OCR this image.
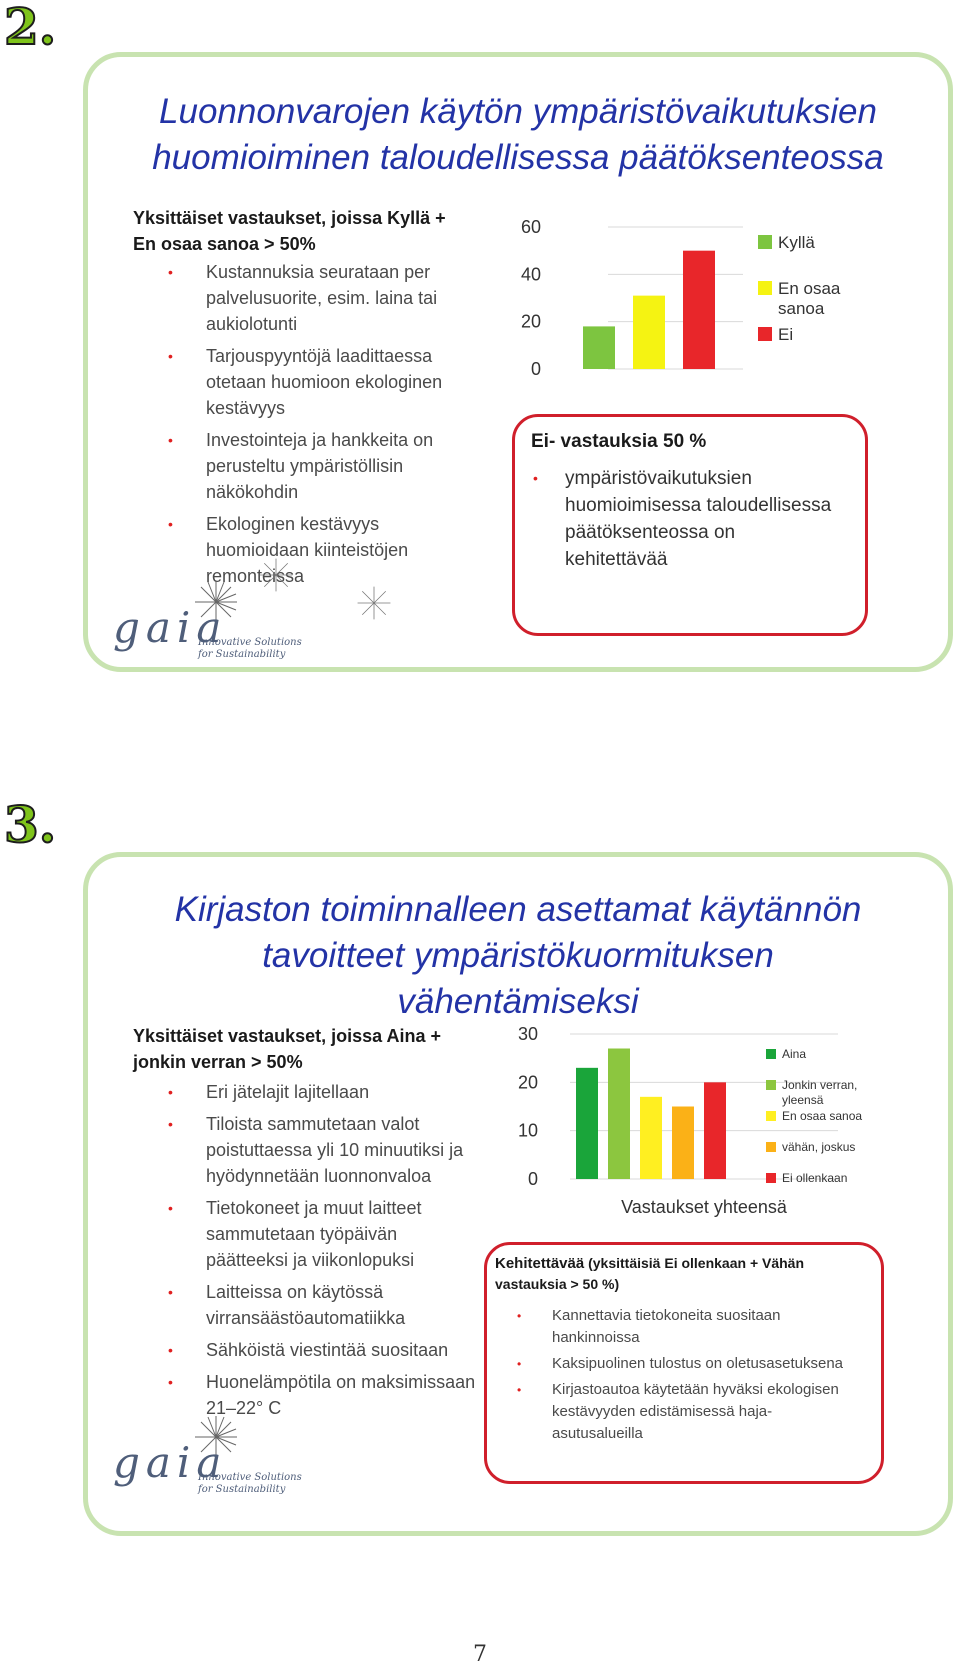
2.
Luonnonvarojen käytön ympäristövaikutuksien
huomioiminen taloudellisessa päätöksenteossa
Yksittäiset vastaukset, joissa Kyllä +
En osaa sanoa > 50%
• Kustannuksia seurataan per palvelusuorite, esim. laina tai aukiolotunti
• Tarjouspyyntöjä laadittaessa otetaan huomioon ekologinen kestävyys
• Investointeja ja hankkeita on perusteltu ympäristöllisin näkökohdin
• Ekologinen kestävyys huomioidaan kiinteistöjen remonteissa
0
20
40
60
Kyllä
En osaa sanoa
Ei
Ei- vastauksia 50 %
• ympäristövaikutuksien huomioimisessa taloudellisessa päätöksenteossa on kehitettävää
gaia
Innovative Solutions
for Sustainability
3.
Kirjaston toiminnalleen asettamat käytännön
tavoitteet ympäristökuormituksen
vähentämiseksi
Yksittäiset vastaukset, joissa Aina +
jonkin verran > 50%
• Eri jätelajit lajitellaan
• Tiloista sammutetaan valot poistuttaessa yli 10 minuutiksi ja hyödynnetään luonnonvaloa
• Tietokoneet ja muut laitteet sammutetaan työpäivän päätteeksi ja viikonlopuksi
• Laitteissa on käytössä virransäästöautomatiikka
• Sähköistä viestintää suositaan
• Huonelämpötila on maksimissaan 21–22° C
0
10
20
30
Aina
Jonkin verran, yleensä
En osaa sanoa
vähän, joskus
Ei ollenkaan
Vastaukset yhteensä
Kehitettävää (yksittäisiä Ei ollenkaan + Vähän vastauksia > 50 %)
• Kannettavia tietokoneita suositaan hankinnoissa
• Kaksipuolinen tulostus on oletusasetuksena
• Kirjastoautoa käytetään hyväksi ekologisen kestävyyden edistämisessä haja-asutusalueilla
gaia
Innovative Solutions
for Sustainability
7
